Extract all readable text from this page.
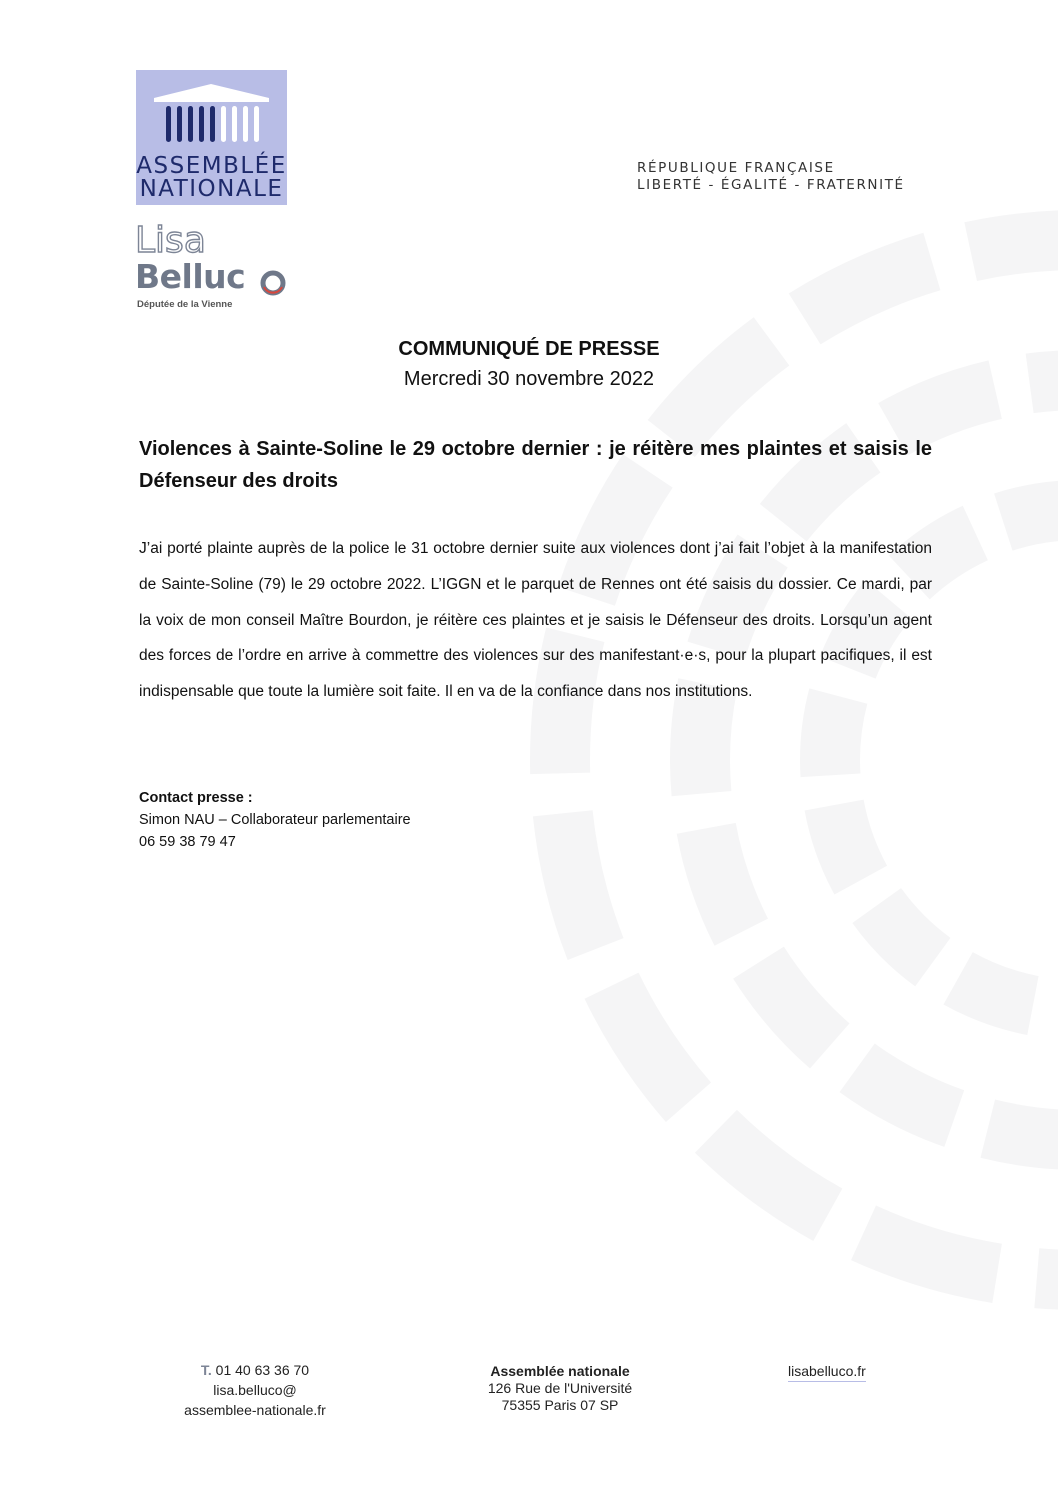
ASSEMBLÉE
NATIONALE
RÉPUBLIQUE FRANÇAISE
LIBERTÉ - ÉGALITÉ - FRATERNITÉ
Lisa
Belluc
Députée de la Vienne
COMMUNIQUÉ DE PRESSE
Mercredi 30 novembre 2022
Violences à Sainte-Soline le 29 octobre dernier : je réitère mes plaintes et saisis le Défenseur des droits
J’ai porté plainte auprès de la police le 31 octobre dernier suite aux violences dont j’ai fait l’objet à la manifestation de Sainte-Soline (79) le 29 octobre 2022. L’IGGN et le parquet de Rennes ont été saisis du dossier. Ce mardi, par la voix de mon conseil Maître Bourdon, je réitère ces plaintes et je saisis le Défenseur des droits. Lorsqu’un agent des forces de l’ordre en arrive à commettre des violences sur des manifestant·e·s, pour la plupart pacifiques, il est indispensable que toute la lumière soit faite. Il en va de la confiance dans nos institutions.
Contact presse :
Simon NAU – Collaborateur parlementaire
06 59 38 79 47
T. 01 40 63 36 70
lisa.belluco@
assemblee-nationale.fr
Assemblée nationale
126 Rue de l'Université
75355 Paris 07 SP
lisabelluco.fr
